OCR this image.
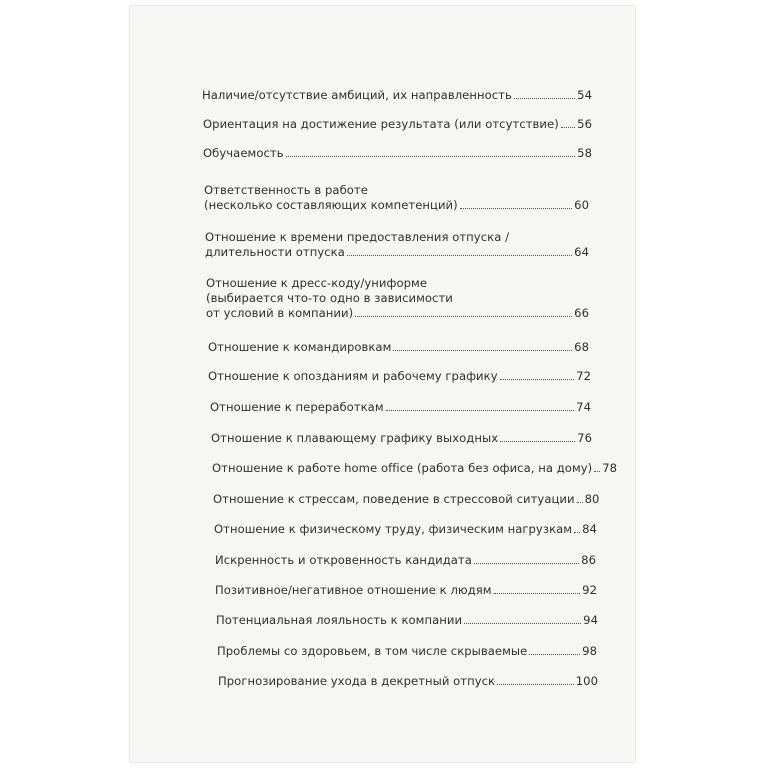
Наличие/отсутствие амбиций, их направленность	54
Ориентация на достижение результата (или отсутствие) 56
Обучаемость	58
Ответственность в работе
(несколько составляющих компетенций)	60
Отношение к времени предоставления отпуска /
длительности отпуска	64
Отношение к дресс-коду/униформе
(выбирается что-то одно в зависимости
от условий в компании)	66
Отношение к командировкам	68
Отношение к опозданиям и рабочему графику	72
Отношение к переработкам	74
Отношение к плавающему графику выходных	76
Отношение к работе home office (работа без офиса, на дому) 78
Отношение к стрессам, поведение в стрессовой ситуации 80
Отношение к физическому труду, физическим нагрузкам 84
Искренность и откровенность кандидата	86
Позитивное/негативное отношение к людям	92
Потенциальная лояльность к компании	94
Проблемы со здоровьем, в том числе скрываемые	98
Прогнозирование ухода в декретный отпуск	100
